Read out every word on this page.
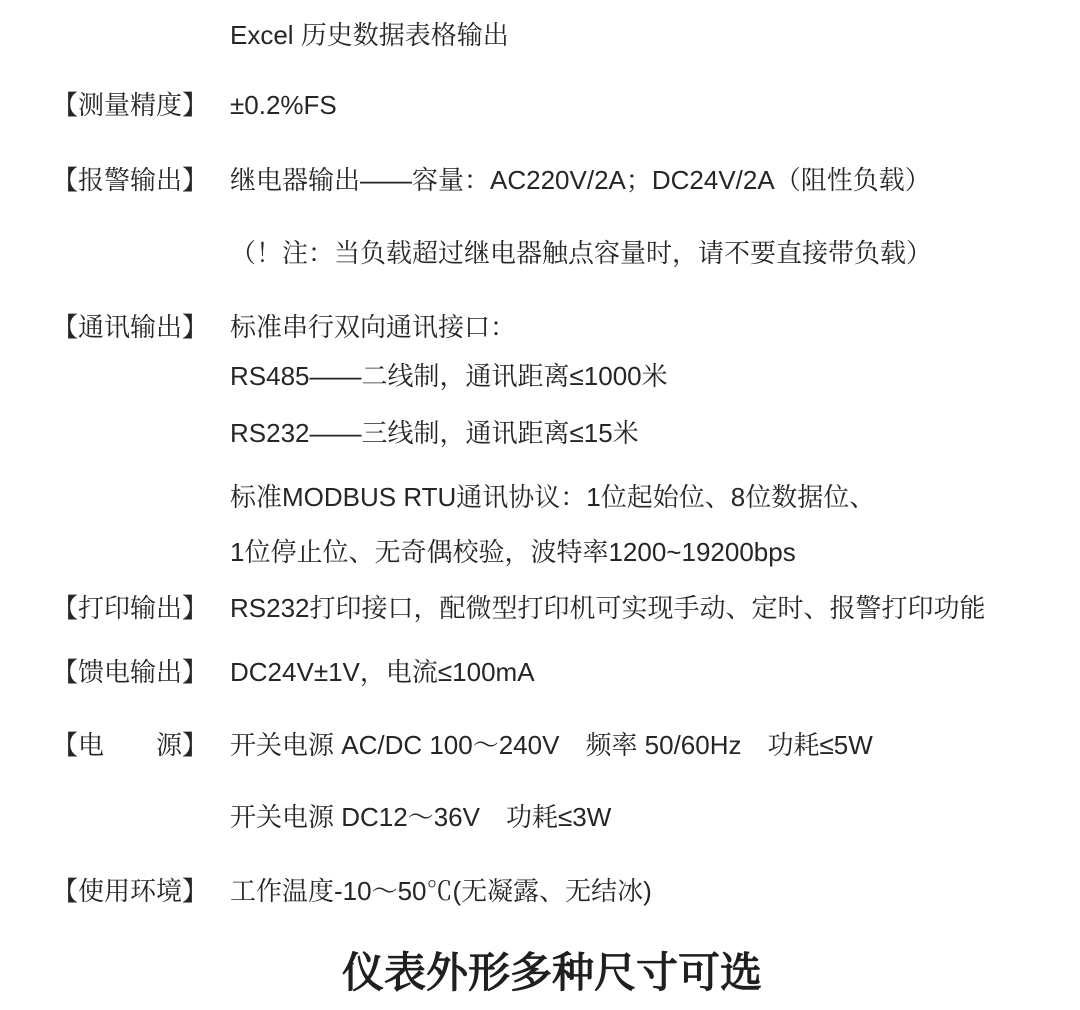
Excel 历史数据表格输出
【测量精度】 ±0.2%FS
【报警输出】 继电器输出——容量：AC220V/2A；DC24V/2A（阻性负载）
（！注：当负载超过继电器触点容量时，请不要直接带负载）
【通讯输出】 标准串行双向通讯接口：
RS485——二线制，通讯距离≤1000米
RS232——三线制，通讯距离≤15米
标准MODBUS RTU通讯协议：1位起始位、8位数据位、
1位停止位、无奇偶校验，波特率1200~19200bps
【打印输出】 RS232打印接口，配微型打印机可实现手动、定时、报警打印功能
【馈电输出】 DC24V±1V，电流≤100mA
【电　　源】 开关电源 AC/DC 100～240V　频率 50/60Hz　功耗≤5W
开关电源 DC12～36V　功耗≤3W
【使用环境】 工作温度-10～50℃(无凝露、无结冰)
仪表外形多种尺寸可选
